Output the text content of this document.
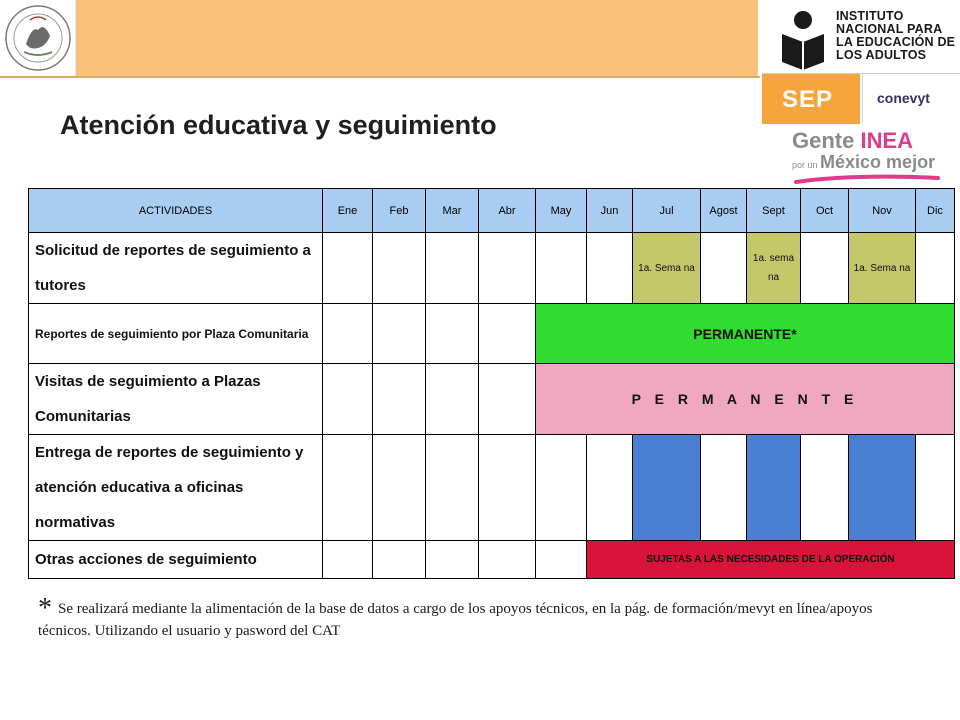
INSTITUTO NACIONAL PARA LA EDUCACIÓN DE LOS ADULTOS
SEP	conevyt
Gente INEA
por un México mejor
Atención educativa y seguimiento
ACTIVIDADES	Ene	Feb	Mar	Abr	May	Jun	Jul	Agost	Sept	Oct	Nov	Dic
Solicitud de reportes de seguimiento a tutores							1a. Sema na		1a. sema na		1a. Sema na	
Reportes de seguimiento por Plaza Comunitaria					PERMANENTE*							
Visitas de seguimiento a Plazas Comunitarias					P E R M A N E N T E							
Entrega de reportes de seguimiento y atención educativa a oficinas normativas												
Otras acciones de seguimiento						SUJETAS A LAS NECESIDADES DE LA OPERACIÓN						
* Se realizará mediante la alimentación de la base de datos a cargo de los apoyos técnicos, en la pág. de formación/mevyt en línea/apoyos técnicos. Utilizando el usuario y pasword del CAT
